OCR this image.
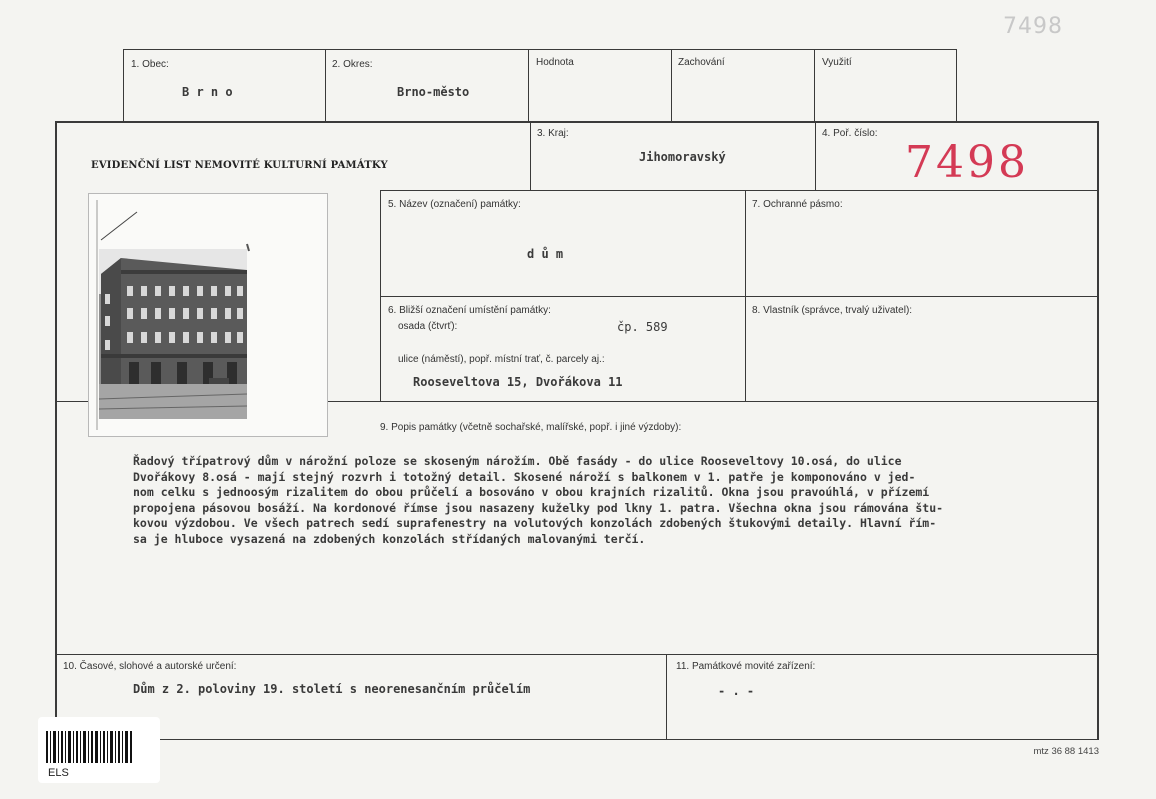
7498
1. Obec:
B r n o
2. Okres:
Brno-město
Hodnota	Zachování	Využití
EVIDENČNÍ LIST NEMOVITÉ KULTURNÍ PAMÁTKY
3. Kraj:
Jihomoravský
4. Poř. číslo:
7498
5. Název (označení) památky:
d ů m
7. Ochranné pásmo:
6. Bližší označení umístění památky:
osada (čtvrť):	čp. 589
ulice (náměstí), popř. místní trať, č. parcely aj.:
Rooseveltova 15, Dvořákova 11
8. Vlastník (správce, trvalý uživatel):
9. Popis památky (včetně sochařské, malířské, popř. i jiné výzdoby):
Řadový třípatrový dům v nárožní poloze se skoseným nárožím. Obě fasády - do ulice Rooseveltovy 10.osá, do ulice
Dvořákovy 8.osá - mají stejný rozvrh i totožný detail. Skosené nároží s balkonem v 1. patře je komponováno v jed-
nom celku s jednoosým rizalitem do obou průčelí a bosováno v obou krajních rizalitů. Okna jsou pravoúhlá, v přízemí
propojena pásovou bosáží. Na kordonové římse jsou nasazeny kuželky pod lkny 1. patra. Všechna okna jsou rámována štu-
kovou výzdobou. Ve všech patrech sedí suprafenestry na volutových konzolách zdobených štukovými detaily. Hlavní řím-
sa je hluboce vysazená na zdobených konzolách střídaných malovanými terčí.
10. Časové, slohové a autorské určení:
Dům z 2. poloviny 19. století s neorenesančním průčelím
11. Památkové movité zařízení:
- . -
mtz 36 88 1413
ELS
